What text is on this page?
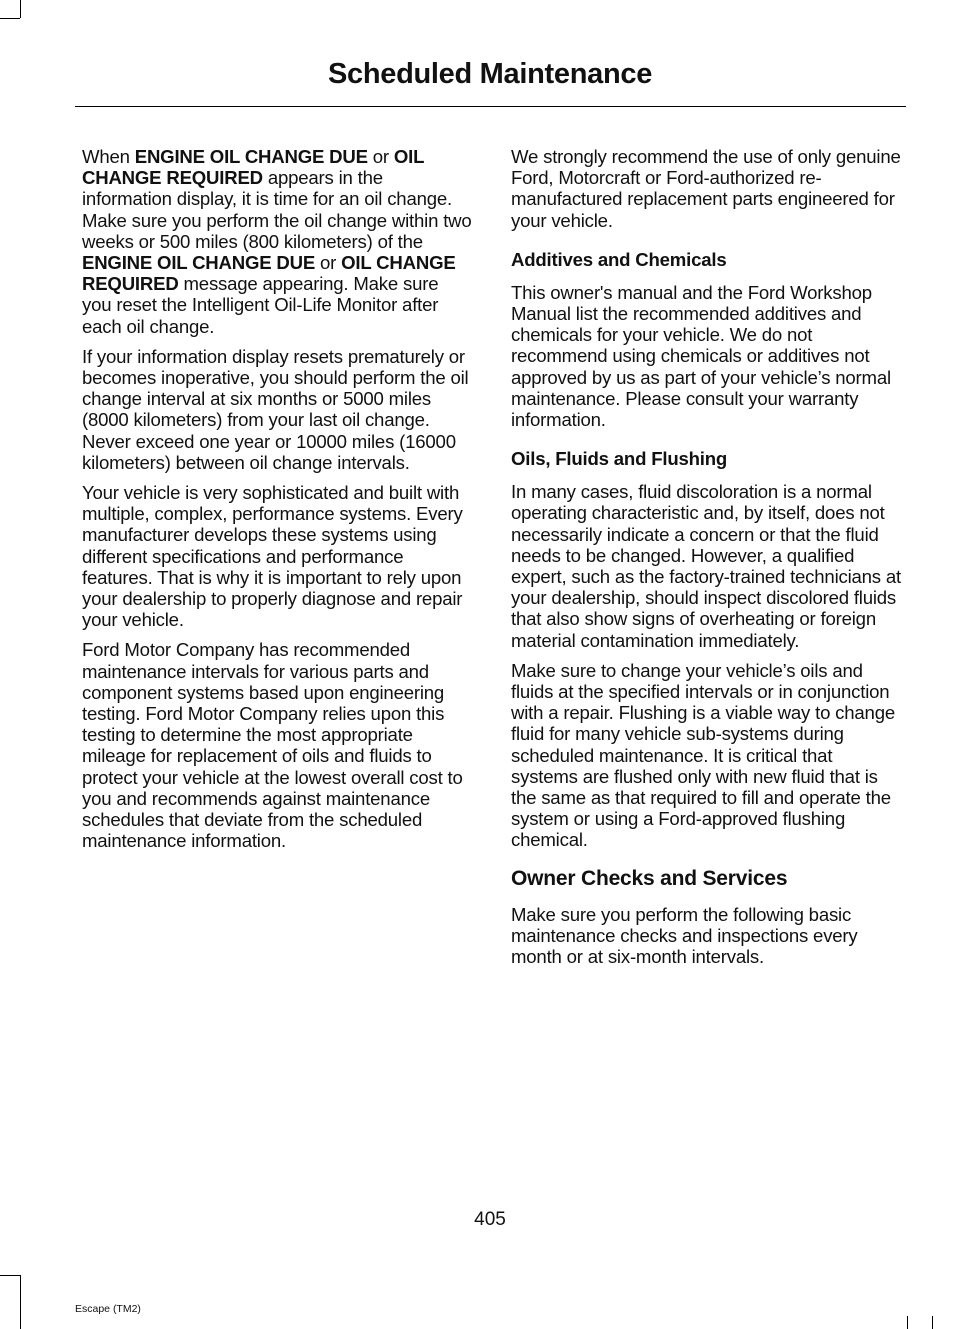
Scheduled Maintenance

When ENGINE OIL CHANGE DUE or OIL CHANGE REQUIRED appears in the information display, it is time for an oil change. Make sure you perform the oil change within two weeks or 500 miles (800 kilometers) of the ENGINE OIL CHANGE DUE or OIL CHANGE REQUIRED message appearing. Make sure you reset the Intelligent Oil-Life Monitor after each oil change.

If your information display resets prematurely or becomes inoperative, you should perform the oil change interval at six months or 5000 miles (8000 kilometers) from your last oil change. Never exceed one year or 10000 miles (16000 kilometers) between oil change intervals.

Your vehicle is very sophisticated and built with multiple, complex, performance systems. Every manufacturer develops these systems using different specifications and performance features. That is why it is important to rely upon your dealership to properly diagnose and repair your vehicle.

Ford Motor Company has recommended maintenance intervals for various parts and component systems based upon engineering testing. Ford Motor Company relies upon this testing to determine the most appropriate mileage for replacement of oils and fluids to protect your vehicle at the lowest overall cost to you and recommends against maintenance schedules that deviate from the scheduled maintenance information.

We strongly recommend the use of only genuine Ford, Motorcraft or Ford-authorized re-manufactured replacement parts engineered for your vehicle.

Additives and Chemicals

This owner's manual and the Ford Workshop Manual list the recommended additives and chemicals for your vehicle. We do not recommend using chemicals or additives not approved by us as part of your vehicle’s normal maintenance. Please consult your warranty information.

Oils, Fluids and Flushing

In many cases, fluid discoloration is a normal operating characteristic and, by itself, does not necessarily indicate a concern or that the fluid needs to be changed. However, a qualified expert, such as the factory-trained technicians at your dealership, should inspect discolored fluids that also show signs of overheating or foreign material contamination immediately.

Make sure to change your vehicle’s oils and fluids at the specified intervals or in conjunction with a repair. Flushing is a viable way to change fluid for many vehicle sub-systems during scheduled maintenance. It is critical that systems are flushed only with new fluid that is the same as that required to fill and operate the system or using a Ford-approved flushing chemical.

Owner Checks and Services

Make sure you perform the following basic maintenance checks and inspections every month or at six-month intervals.

405
Escape (TM2)
